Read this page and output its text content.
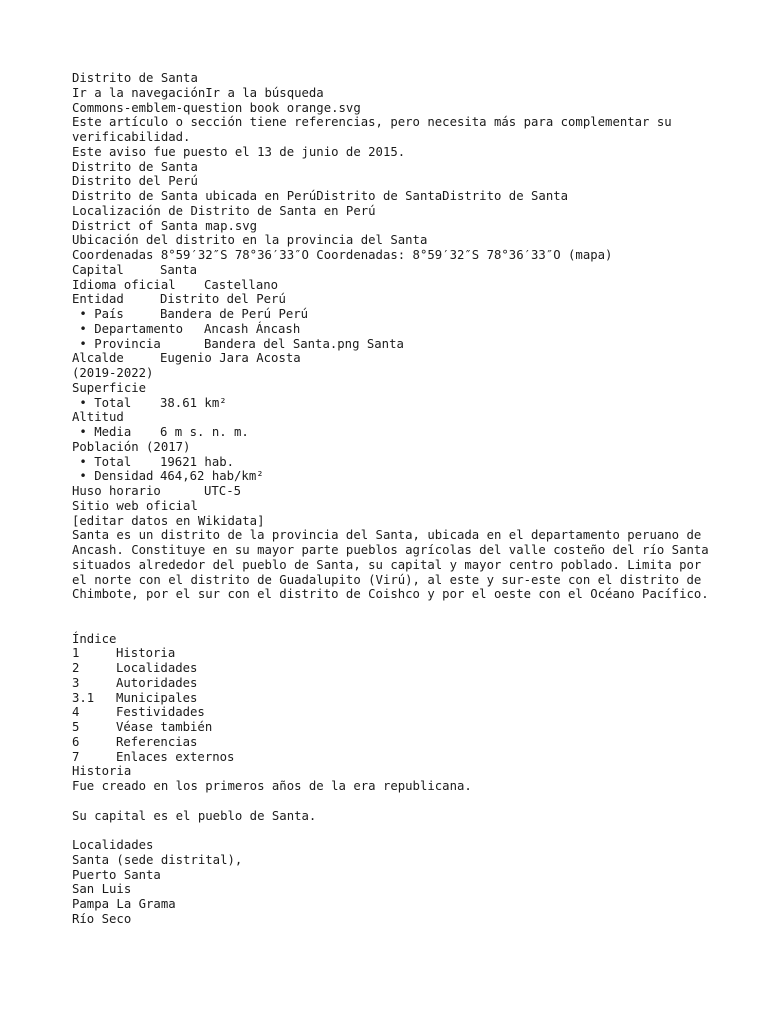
Distrito de Santa
Ir a la navegaciónIr a la búsqueda
Commons-emblem-question book orange.svg
Este artículo o sección tiene referencias, pero necesita más para complementar su verificabilidad.
Este aviso fue puesto el 13 de junio de 2015.
Distrito de Santa
Distrito del Perú
Distrito de Santa ubicada en PerúDistrito de SantaDistrito de Santa
Localización de Distrito de Santa en Perú
District of Santa map.svg
Ubicación del distrito en la provincia del Santa
Coordenadas 8°59′32″S 78°36′33″O Coordenadas: 8°59′32″S 78°36′33″O (mapa)
Capital	Santa
Idioma oficial	Castellano
Entidad	Distrito del Perú
• País	Bandera de Perú Perú
• Departamento	Ancash Áncash
• Provincia	Bandera del Santa.png Santa
Alcalde	Eugenio Jara Acosta
(2019-2022)
Superficie
• Total	38.61 km²
Altitud
• Media	6 m s. n. m.
Población (2017)
• Total	19621 hab.
• Densidad 464,62 hab/km²
Huso horario	UTC-5
Sitio web oficial
[editar datos en Wikidata]
Santa es un distrito de la provincia del Santa, ubicada en el departamento peruano de Ancash. Constituye en su mayor parte pueblos agrícolas del valle costeño del río Santa situados alrededor del pueblo de Santa, su capital y mayor centro poblado. Limita por el norte con el distrito de Guadalupito (Virú), al este y sur-este con el distrito de Chimbote, por el sur con el distrito de Coishco y por el oeste con el Océano Pacífico.
Índice
1	Historia
2	Localidades
3	Autoridades
3.1	Municipales
4	Festividades
5	Véase también
6	Referencias
7	Enlaces externos
Historia
Fue creado en los primeros años de la era republicana.
Su capital es el pueblo de Santa.
Localidades
Santa (sede distrital),
Puerto Santa
San Luis
Pampa La Grama
Río Seco
